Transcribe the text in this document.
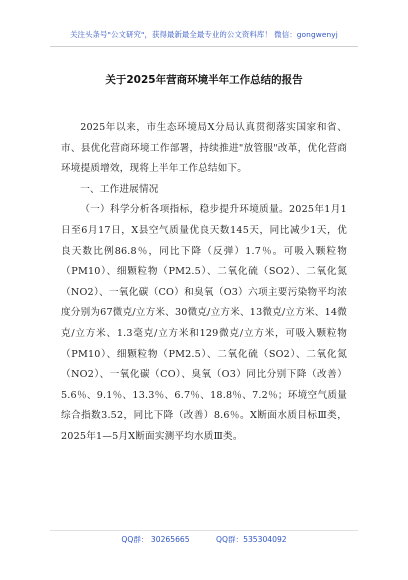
关注头条号"公文研究"，获得最新最全最专业的公文资料库！ 微信：gongwenyj
关于2025年营商环境半年工作总结的报告

2025年以来，市生态环境局X分局认真贯彻落实国家和省、市、县优化营商环境工作部署，持续推进"放管服"改革，优化营商环境提质增效，现将上半年工作总结如下。

一、工作进展情况

（一）科学分析各项指标，稳步提升环境质量。2025年1月1日至6月17日，X县空气质量优良天数145天，同比减少1天，优良天数比例86.8％，同比下降（反弹）1.7％。可吸入颗粒物（PM10）、细颗粒物（PM2.5）、二氧化硫（SO2）、二氧化氮（NO2）、一氧化碳（CO）和臭氧（O3）六项主要污染物平均浓度分别为67微克/立方米、30微克/立方米、13微克/立方米、14微克/立方米、1.3毫克/立方米和129微克/立方米，可吸入颗粒物（PM10）、细颗粒物（PM2.5）、二氧化硫（SO2）、二氧化氮（NO2）、一氧化碳（CO）、臭氧（O3）同比分别下降（改善）5.6％、9.1％、13.3％、6.7％、18.8％、7.2％；环境空气质量综合指数3.52，同比下降（改善）8.6％。X断面水质目标Ⅲ类，2025年1—5月X断面实测平均水质Ⅲ类。

QQ群： 30265665	QQ群：535304092
